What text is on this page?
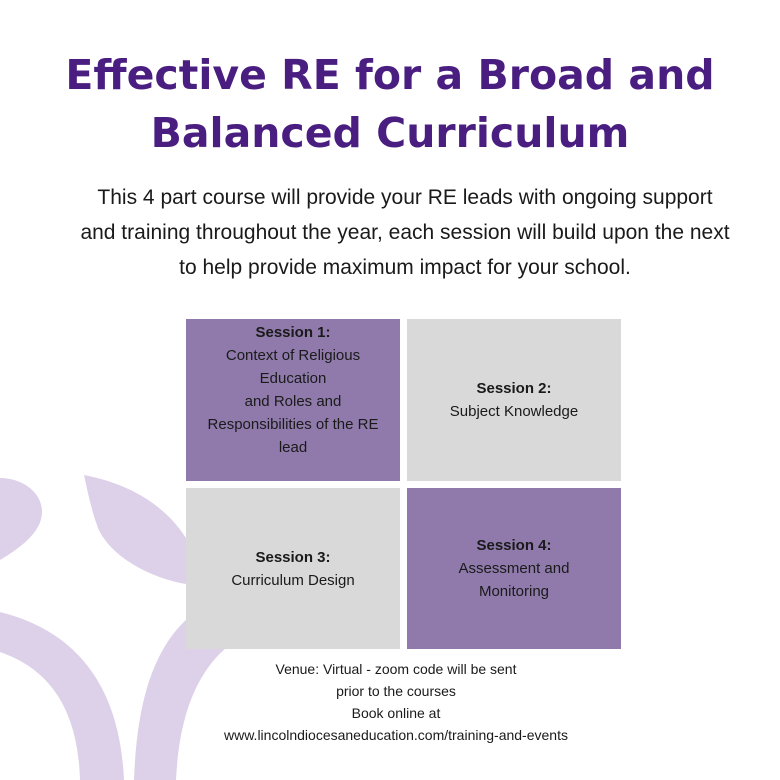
Effective RE for a Broad and
Balanced Curriculum

This 4 part course will provide your RE leads with ongoing support and training throughout the year, each session will build upon the next to help provide maximum impact for your school.

Session 1:
Context of Religious
Education
and Roles and
Responsibilities of the RE
lead
Session 2:
Subject Knowledge
Session 3:
Curriculum Design
Session 4:
Assessment and
Monitoring
Venue: Virtual - zoom code will be sent
prior to the courses
Book online at
www.lincolndiocesaneducation.com/training-and-events
